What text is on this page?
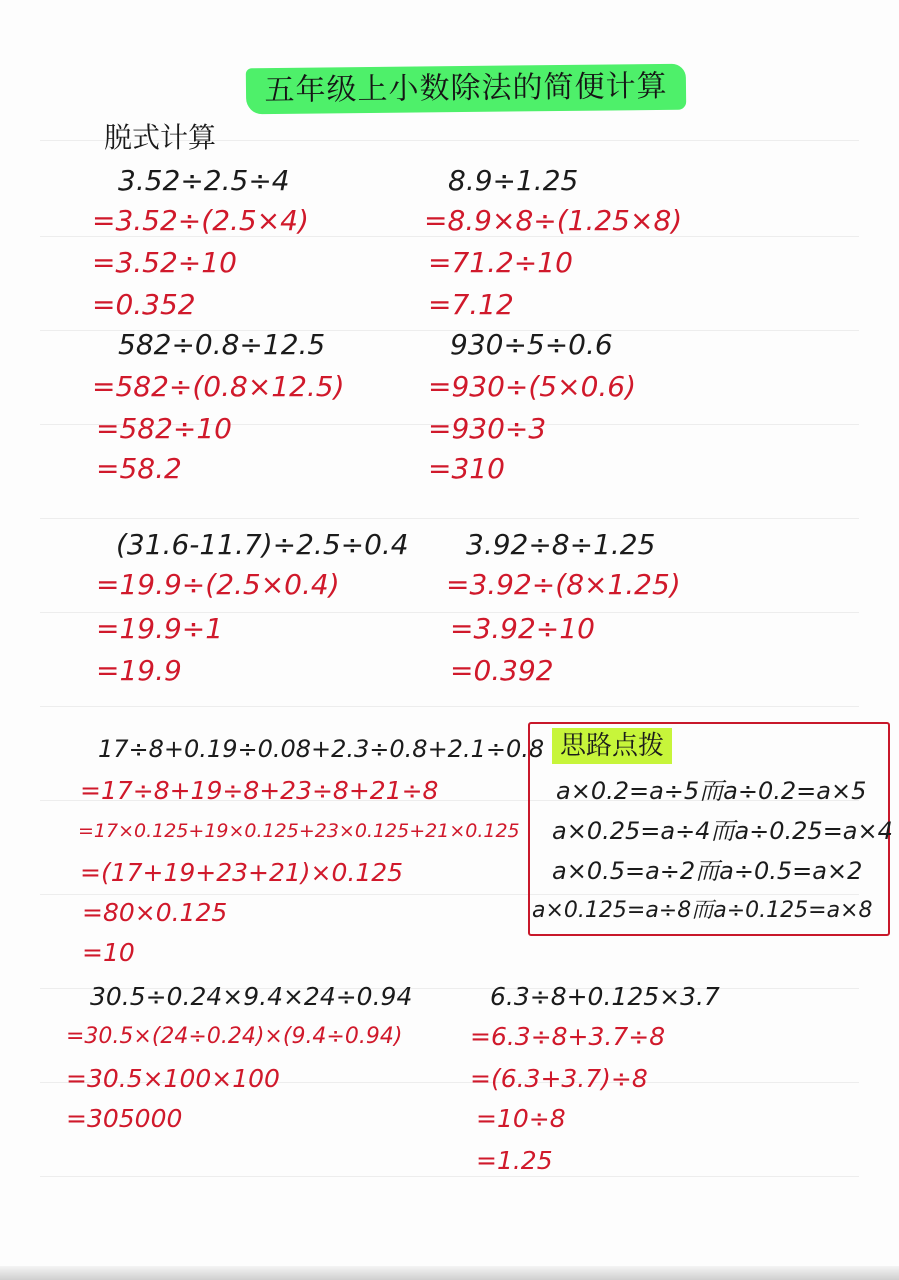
五年级上小数除法的简便计算
脱式计算
3.52÷2.5÷4
=3.52÷(2.5×4)
=3.52÷10
=0.352
8.9÷1.25
=8.9×8÷(1.25×8)
=71.2÷10
=7.12
582÷0.8÷12.5
=582÷(0.8×12.5)
=582÷10
=58.2
930÷5÷0.6
=930÷(5×0.6)
=930÷3
=310
(31.6-11.7)÷2.5÷0.4
=19.9÷(2.5×0.4)
=19.9÷1
=19.9
3.92÷8÷1.25
=3.92÷(8×1.25)
=3.92÷10
=0.392
17÷8+0.19÷0.08+2.3÷0.8+2.1÷0.8
=17÷8+19÷8+23÷8+21÷8
=17×0.125+19×0.125+23×0.125+21×0.125
=(17+19+23+21)×0.125
=80×0.125
=10
思路点拨
a×0.2=a÷5而a÷0.2=a×5
a×0.25=a÷4而a÷0.25=a×4
a×0.5=a÷2而a÷0.5=a×2
a×0.125=a÷8而a÷0.125=a×8
30.5÷0.24×9.4×24÷0.94
=30.5×(24÷0.24)×(9.4÷0.94)
=30.5×100×100
=305000
6.3÷8+0.125×3.7
=6.3÷8+3.7÷8
=(6.3+3.7)÷8
=10÷8
=1.25
